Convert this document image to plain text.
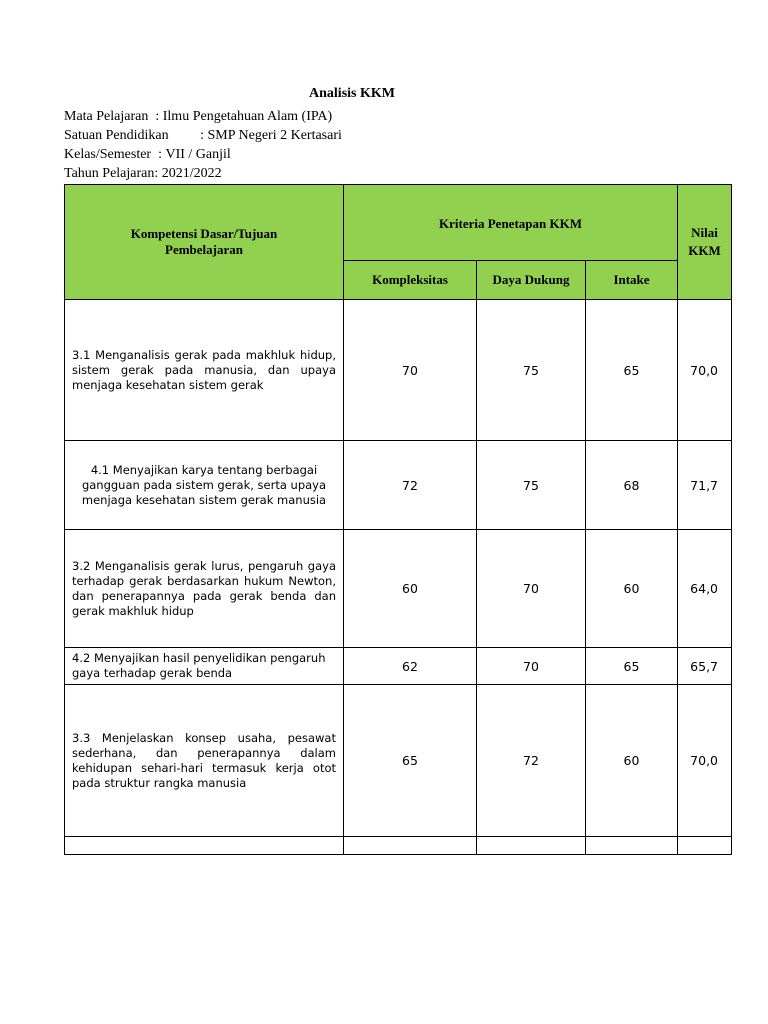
Analisis KKM
Mata Pelajaran  : Ilmu Pengetahuan Alam (IPA)
Satuan Pendidikan         : SMP Negeri 2 Kertasari
Kelas/Semester  : VII / Ganjil
Tahun Pelajaran: 2021/2022
Kompetensi Dasar/Tujuan Pembelajaran	Kriteria Penetapan KKM			Nilai KKM
	Kompleksitas	Daya Dukung	Intake	
3.1 Menganalisis gerak pada makhluk hidup, sistem gerak pada manusia, dan upaya menjaga kesehatan sistem gerak	70	75	65	70,0
4.1 Menyajikan karya tentang berbagai gangguan pada sistem gerak, serta upaya menjaga kesehatan sistem gerak manusia	72	75	68	71,7
3.2 Menganalisis gerak lurus, pengaruh gaya terhadap gerak berdasarkan hukum Newton, dan penerapannya pada gerak benda dan gerak makhluk hidup	60	70	60	64,0
4.2 Menyajikan hasil penyelidikan pengaruh gaya terhadap gerak benda	62	70	65	65,7
3.3 Menjelaskan konsep usaha, pesawat sederhana, dan penerapannya dalam kehidupan sehari-hari termasuk kerja otot pada struktur rangka manusia	65	72	60	70,0
